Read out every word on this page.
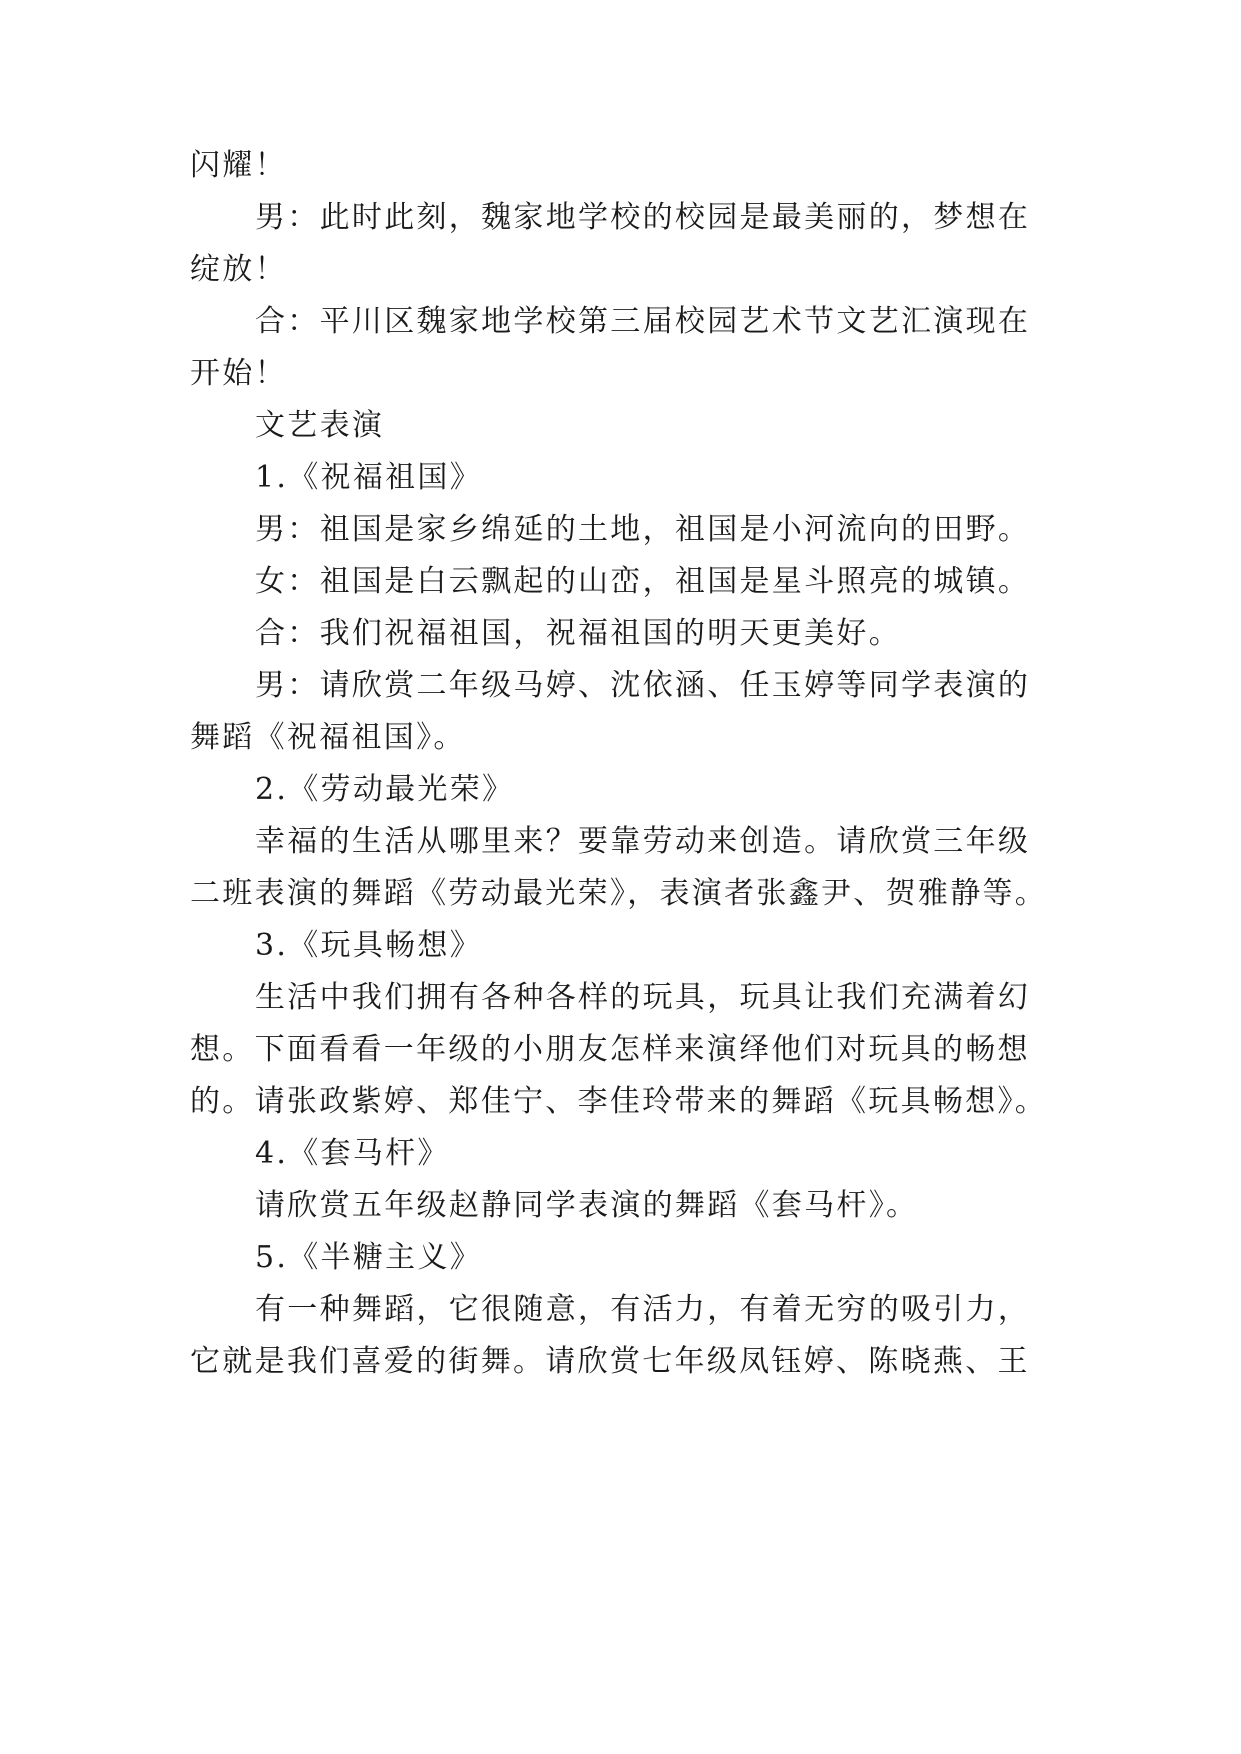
闪耀！
男：此时此刻，魏家地学校的校园是最美丽的，梦想在
绽放！
合：平川区魏家地学校第三届校园艺术节文艺汇演现在
开始！
文艺表演
1.《祝福祖国》
男：祖国是家乡绵延的土地，祖国是小河流向的田野。
女：祖国是白云飘起的山峦，祖国是星斗照亮的城镇。
合：我们祝福祖国，祝福祖国的明天更美好。
男：请欣赏二年级马婷、沈依涵、任玉婷等同学表演的
舞蹈《祝福祖国》。
2.《劳动最光荣》
幸福的生活从哪里来？要靠劳动来创造。请欣赏三年级
二班表演的舞蹈《劳动最光荣》，表演者张鑫尹、贺雅静等。
3.《玩具畅想》
生活中我们拥有各种各样的玩具，玩具让我们充满着幻
想。下面看看一年级的小朋友怎样来演绎他们对玩具的畅想
的。请张政紫婷、郑佳宁、李佳玲带来的舞蹈《玩具畅想》。
4.《套马杆》
请欣赏五年级赵静同学表演的舞蹈《套马杆》。
5.《半糖主义》
有一种舞蹈，它很随意，有活力，有着无穷的吸引力，
它就是我们喜爱的街舞。请欣赏七年级凤钰婷、陈晓燕、王
